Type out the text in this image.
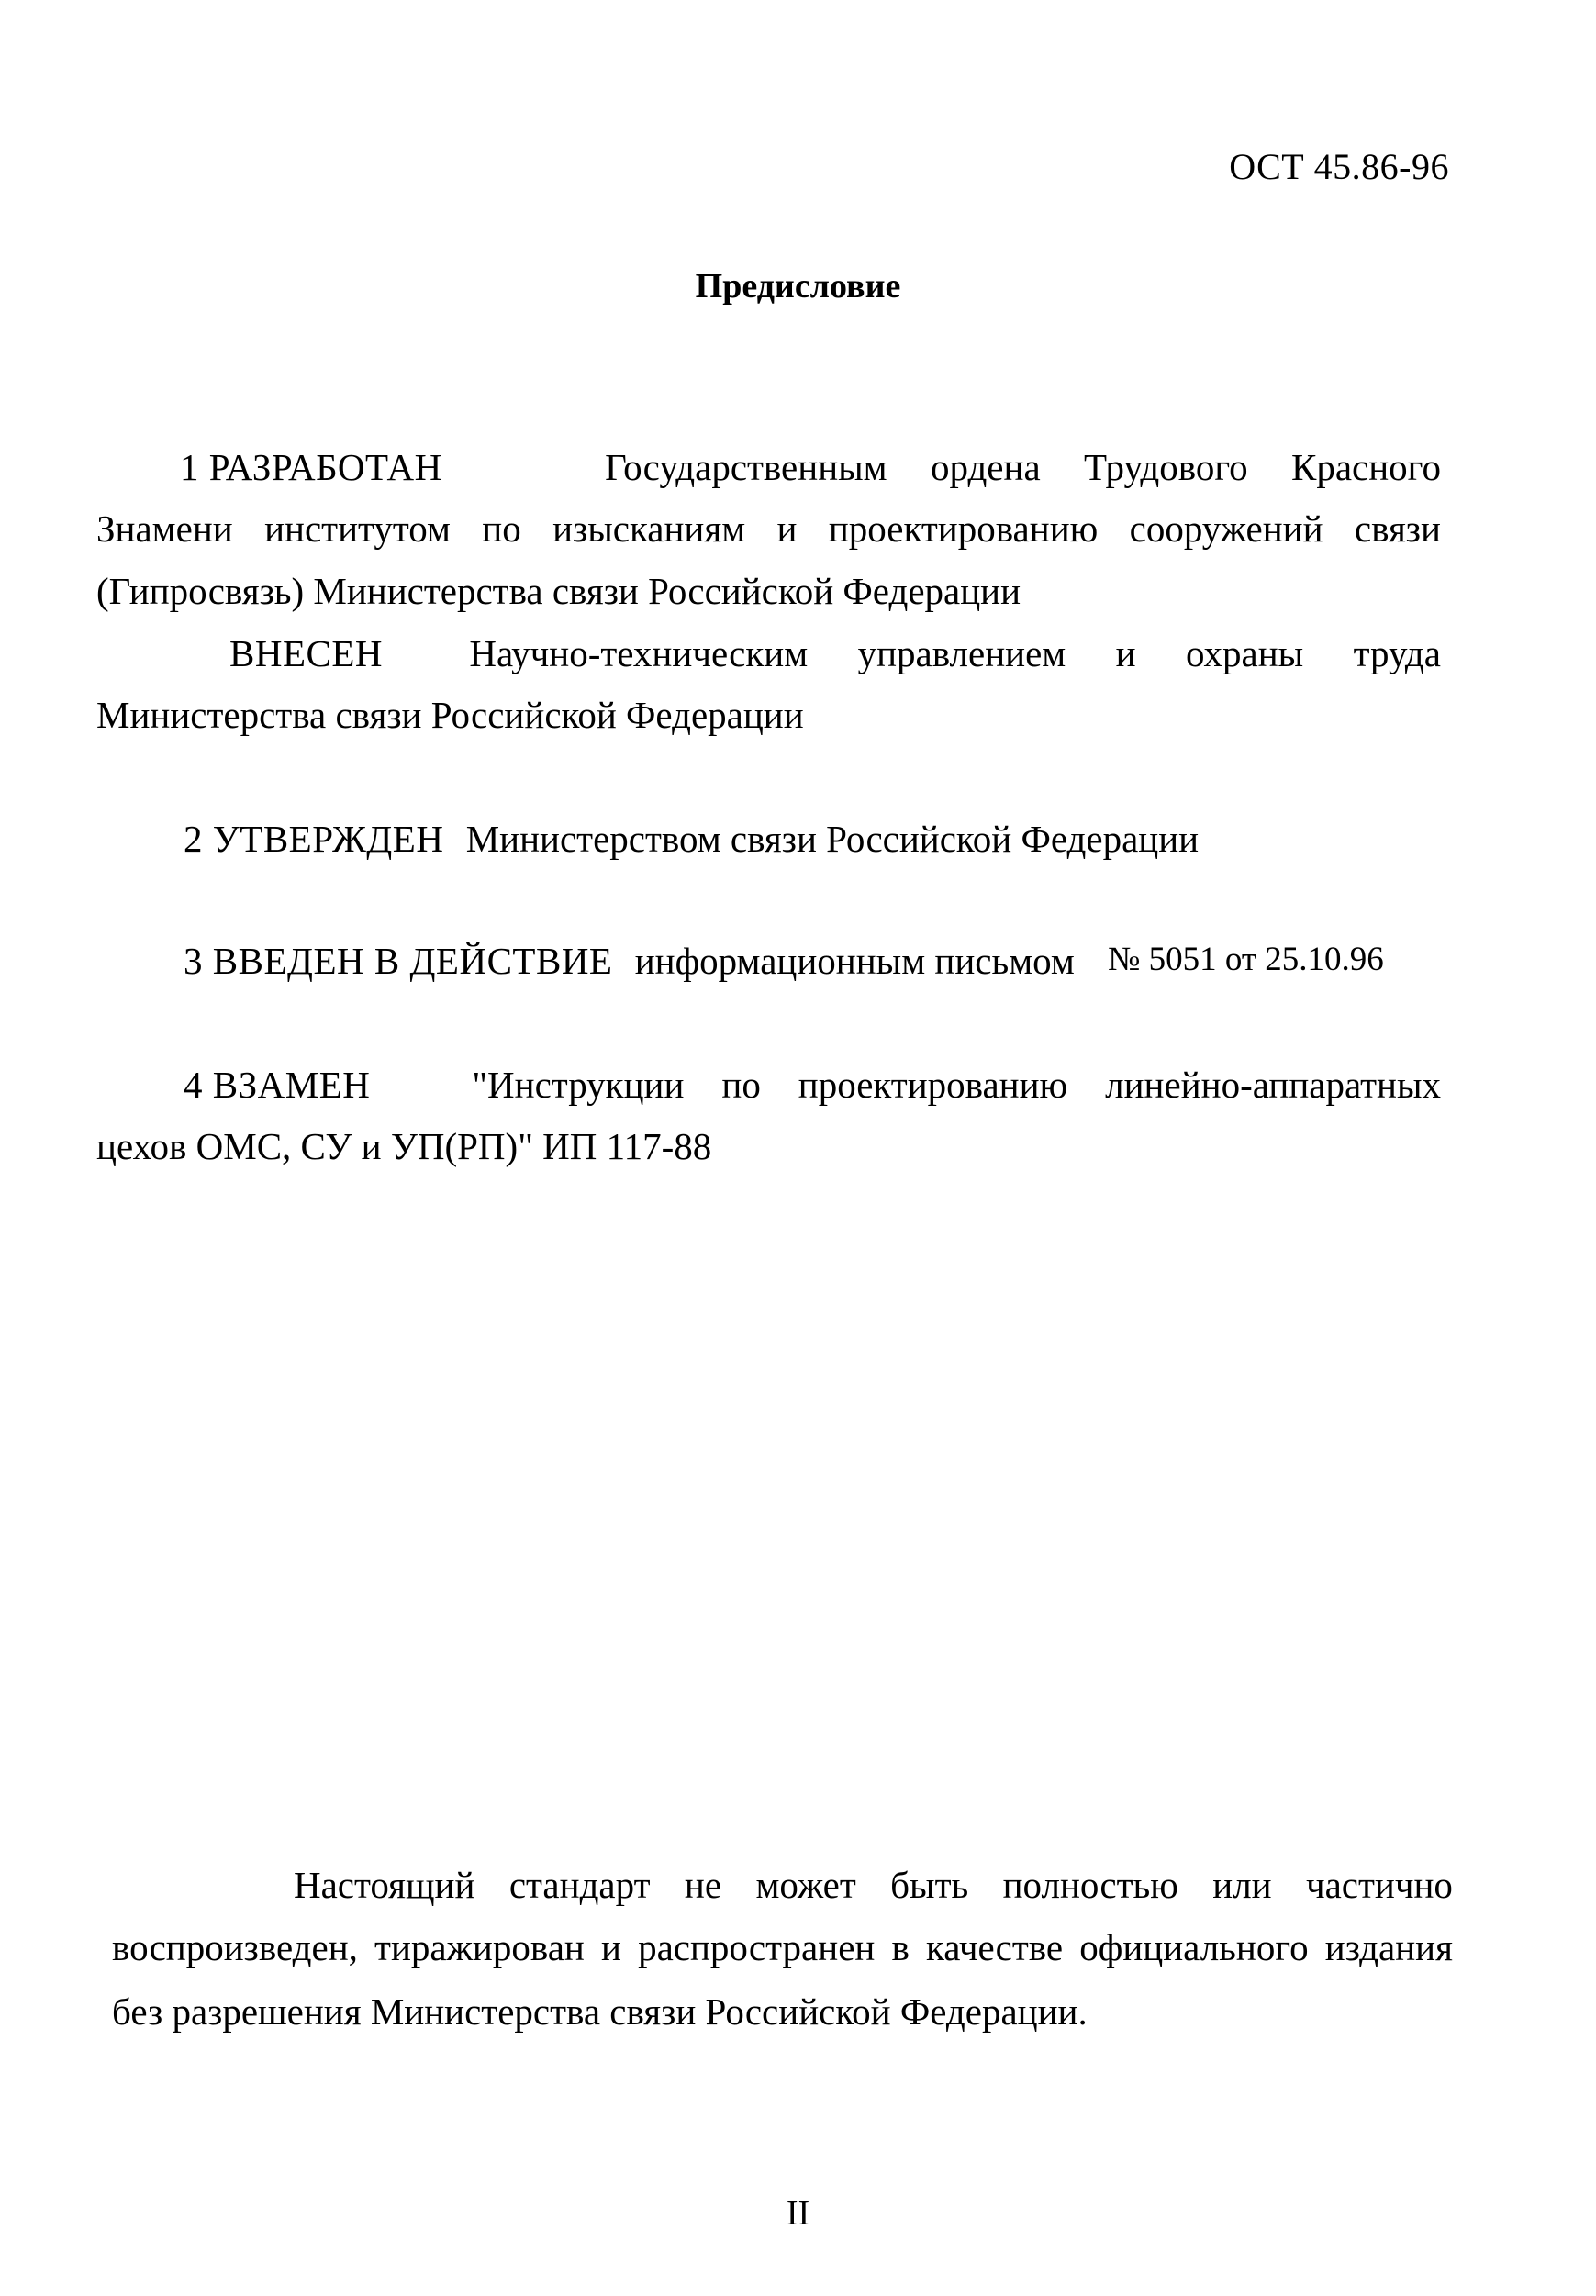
ОСТ 45.86-96
Предисловие
1 РАЗРАБОТАН	Государственным ордена Трудового Красного
Знамени институтом по изысканиям и проектированию сооружений связи
(Гипросвязь) Министерства связи Российской Федерации
ВНЕСЕН Научно-техническим управлением и охраны труда
Министерства связи Российской Федерации
2 УТВЕРЖДЕН Министерством связи Российской Федерации
3 ВВЕДЕН В ДЕЙСТВИЕ информационным письмом № 5051 от 25.10.96
4 ВЗАМЕН	"Инструкции по проектированию линейно-аппаратных
цехов ОМС, СУ и УП(РП)" ИП 117-88
Настоящий стандарт не может быть полностью или частично
воспроизведен, тиражирован и распространен в качестве официального издания
без разрешения Министерства связи Российской Федерации.
II
